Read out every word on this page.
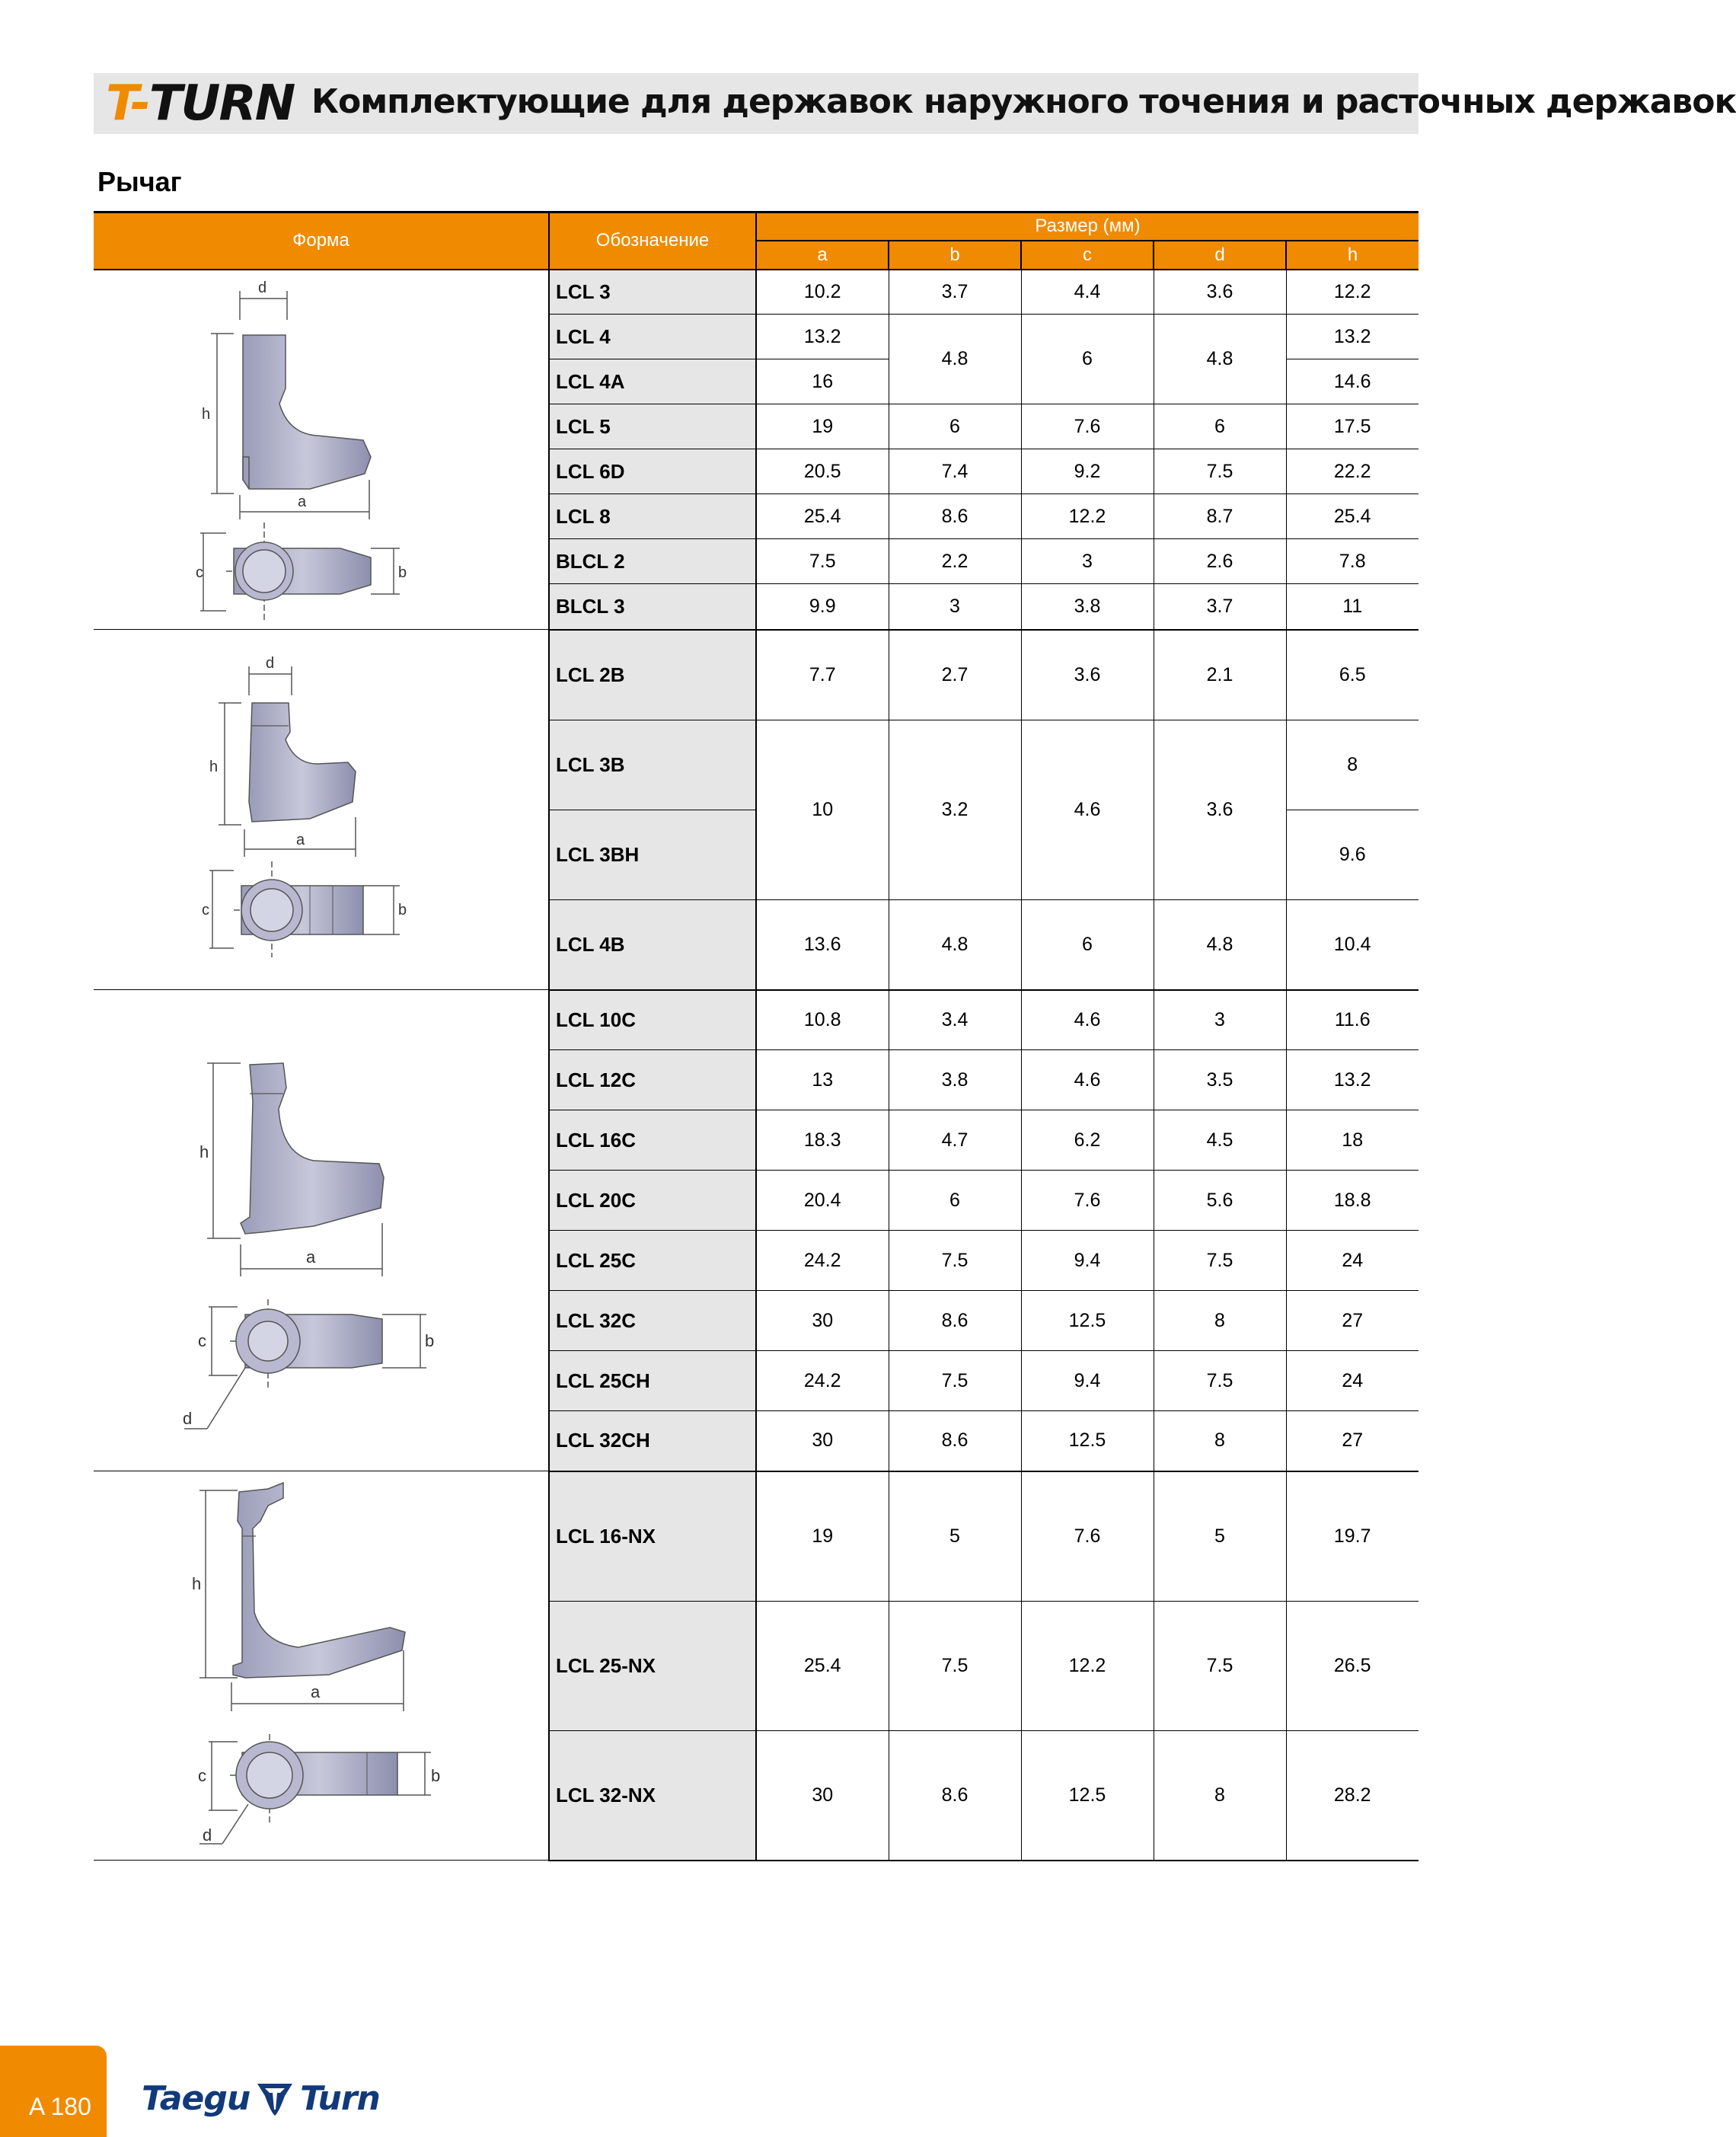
T- TURN Комплектующие для державок наружного точения и расточных державок
Рычаг
Форма	Обозначение	Размер (мм)				
		a	b	c	d	h

d
h
a
c b	LCL 3	10.2	3.7	4.4	3.6	12.2
	LCL 4	13.2	4.8	6	4.8	13.2
	LCL 4A	16				14.6
	LCL 5	19	6	7.6	6	17.5
	LCL 6D	20.5	7.4	9.2	7.5	22.2
	LCL 8	25.4	8.6	12.2	8.7	25.4
	BLCL 2	7.5	2.2	3	2.6	7.8
	BLCL 3	9.9	3	3.8	3.7	11

d
h
a
c b	LCL 2B	7.7	2.7	3.6	2.1	6.5
	LCL 3B	10	3.2	4.6	3.6	8
	LCL 3BH					9.6
	LCL 4B	13.6	4.8	6	4.8	10.4

h
a
c b
d	LCL 10C	10.8	3.4	4.6	3	11.6
	LCL 12C	13	3.8	4.6	3.5	13.2
	LCL 16C	18.3	4.7	6.2	4.5	18
	LCL 20C	20.4	6	7.6	5.6	18.8
	LCL 25C	24.2	7.5	9.4	7.5	24
	LCL 32C	30	8.6	12.5	8	27
	LCL 25CH	24.2	7.5	9.4	7.5	24
	LCL 32CH	30	8.6	12.5	8	27

h
a
c b
d	LCL 16-NX	19	5	7.6	5	19.7
	LCL 25-NX	25.4	7.5	12.2	7.5	26.5
	LCL 32-NX	30	8.6	12.5	8	28.2
A 180 Taegu Turn
